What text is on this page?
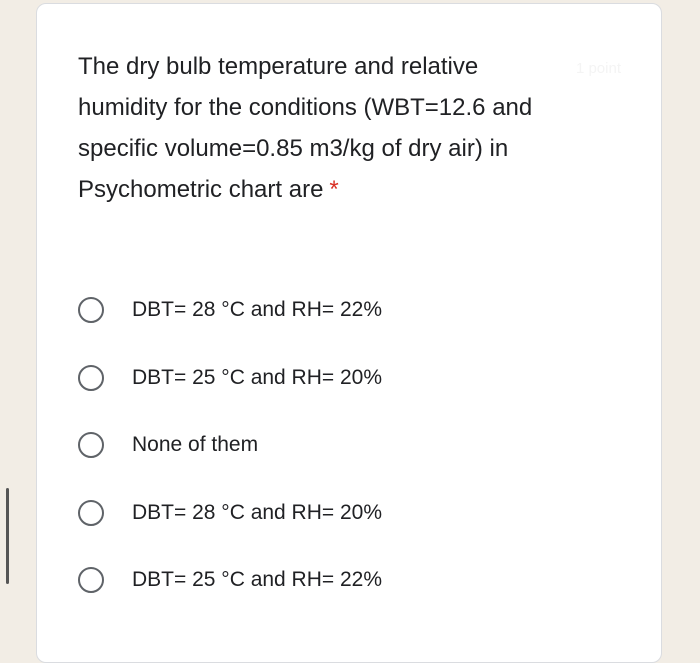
1 point
The dry bulb temperature and relative humidity for the conditions (WBT=12.6 and specific volume=0.85 m3/kg of dry air) in Psychometric chart are *
DBT= 28 °C and RH= 22%
DBT= 25 °C and RH= 20%
None of them
DBT= 28 °C and RH= 20%
DBT= 25 °C and RH= 22%
